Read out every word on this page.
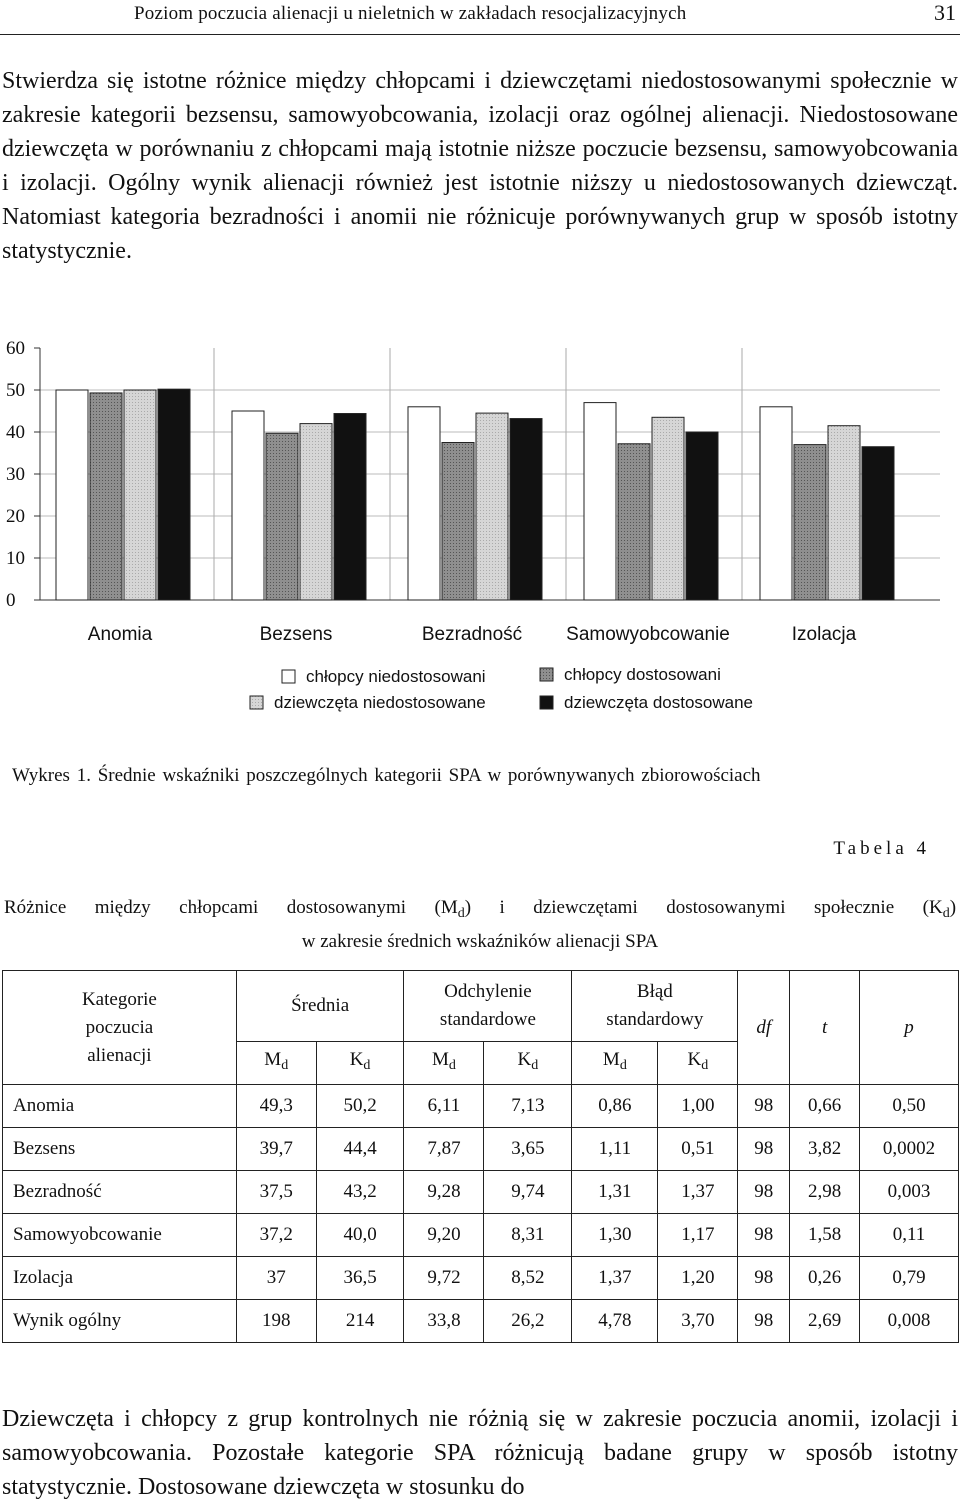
Poziom poczucia alienacji u nieletnich w zakładach resocjalizacyjnych	31

Stwierdza się istotne różnice między chłopcami i dziewczętami niedostosowanymi społecznie w zakresie kategorii bezsensu, samowyobcowania, izolacji oraz ogólnej alienacji. Niedostosowane dziewczęta w porównaniu z chłopcami mają istotnie niższe poczucie bezsensu, samowyobcowania i izolacji. Ogólny wynik alienacji również jest istotnie niższy u niedostosowanych dziewcząt. Natomiast kategoria bezradności i anomii nie różnicuje porównywanych grup w sposób istotny statystycznie.

0
10
20
30
40
50
60
Anomia	Bezsens	Bezradność Samowyobcowanie	Izolacja
chłopcy niedostosowani	chłopcy dostosowani
dziewczęta niedostosowane	dziewczęta dostosowane
Wykres 1. Średnie wskaźniki poszczególnych kategorii SPA w porównywanych zbiorowościach
Tabela 4
Różnice między chłopcami dostosowanymi $(M_d)$ i dziewczętami dostosowanymi społecznie $(K_d)$
w zakresie średnich wskaźników alienacji SPA
Kategorie poczucia alienacji	Średnia		Odchylenie standardowe		Błąd standardowy		df	t	p
	$M_d$	$K_d$	$M_d$	$K_d$	$M_d$	$K_d$
Anomia	49,3	50,2	6,11	7,13	0,86	1,00	98	0,66	0,50
Bezsens	39,7	44,4	7,87	3,65	1,11	0,51	98	3,82	0,0002
Bezradność	37,5	43,2	9,28	9,74	1,31	1,37	98	2,98	0,003
Samowyobcowanie	37,2	40,0	9,20	8,31	1,30	1,17	98	1,58	0,11
Izolacja	37	36,5	9,72	8,52	1,37	1,20	98	0,26	0,79
Wynik ogólny	198	214	33,8	26,2	4,78	3,70	98	2,69	0,008

Dziewczęta i chłopcy z grup kontrolnych nie różnią się w zakresie poczucia anomii, izolacji i samowyobcowania. Pozostałe kategorie SPA różnicują badane grupy w sposób istotny statystycznie. Dostosowane dziewczęta w stosunku do
